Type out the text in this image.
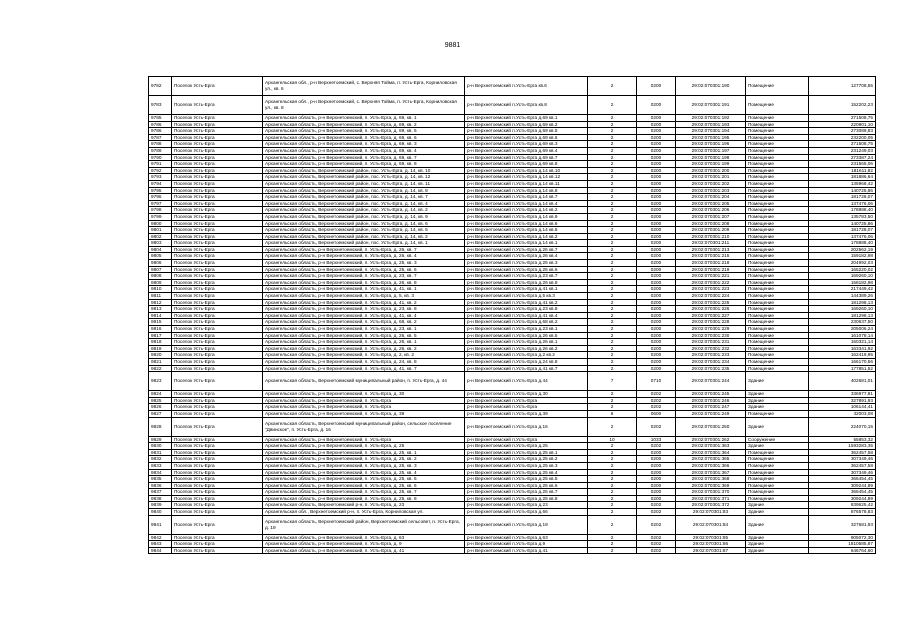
9881
9782	Поселок Усть-Ерга	Архангельская обл., р-н Верхнетоемский, с. Верхняя Тойма, п. Усть-Ерга, Корниловская ул., кв. 6	р-н Верхнетоемский п.Усть-Ерга кв.6	2	0200	29:02:070301:190	Помещение	127708,55
9783	Поселок Усть-Ерга	Архангельская обл., р-н Верхнетоемский, с. Верхняя Тойма, п. Усть-Ерга, Корниловская ул., кв. 8	р-н Верхнетоемский п.Усть-Ерга кв.8	2	0200	29:02:070301:191	Помещение	152202,23
9785	Поселок Усть-Ерга	Архангельская область, р-н Верхнетоемский, п. Усть-Ерга, д. 69, кв. 1	р-н Верхнетоемский п.Усть-Ерга д.69 кв.1	2	0200	29:02:070301:192	Помещение	271508,75
9786	Поселок Усть-Ерга	Архангельская область, р-н Верхнетоемский, п. Усть-Ерга, д. 69, кв. 2	р-н Верхнетоемский п.Усть-Ерга д.69 кв.2	2	0200	29:02:070301:193	Помещение	220901,10
9786	Поселок Усть-Ерга	Архангельская область, р-н Верхнетоемский, п. Усть-Ерга, д. 69, кв. 5	р-н Верхнетоемский п.Усть-Ерга д.69 кв.5	2	0200	29:02:070301:194	Помещение	273089,83
9787	Поселок Усть-Ерга	Архангельская область, р-н Верхнетоемский, п. Усть-Ерга, д. 69, кв. 6	р-н Верхнетоемский п.Усть-Ерга д.69 кв.6	2	0200	29:02:070301:195	Помещение	232200,05
9788	Поселок Усть-Ерга	Архангельская область, р-н Верхнетоемский, п. Усть-Ерга, д. 69, кв. 3	р-н Верхнетоемский п.Усть-Ерга д.69 кв.3	2	0200	29:02:070301:196	Помещение	271508,75
9789	Поселок Усть-Ерга	Архангельская область, р-н Верхнетоемский, п. Усть-Ерга, д. 69, кв. 4	р-н Верхнетоемский п.Усть-Ерга д.69 кв.4	2	0200	29:02:070301:197	Помещение	231249,03
9790	Поселок Усть-Ерга	Архангельская область, р-н Верхнетоемский, п. Усть-Ерга, д. 69, кв. 7	р-н Верхнетоемский п.Усть-Ерга д.69 кв.7	2	0200	29:02:070301:198	Помещение	273387,24
9791	Поселок Усть-Ерга	Архангельская область, р-н Верхнетоемский, п. Усть-Ерга, д. 69, кв. 8	р-н Верхнетоемский п.Усть-Ерга д.69 кв.8	2	0200	29:02:070301:199	Помещение	231565,06
9792	Поселок Усть-Ерга	Архангельская область, Верхнетоемский район, пос. Усть-Ерга, д. 14, кв. 10	р-н Верхнетоемский п.Усть-Ерга д.14 кв.10	2	0200	29:02:070301:200	Помещение	181611,82
9793	Поселок Усть-Ерга	Архангельская область, Верхнетоемский район, пос. Усть-Ерга, д. 14, кв. 12	р-н Верхнетоемский п.Усть-Ерга д.14 кв.12	2	0200	29:02:070301:201	Помещение	181886,64
9794	Поселок Усть-Ерга	Архангельская область, Верхнетоемский район, пос. Усть-Ерга, д. 14, кв. 11	р-н Верхнетоемский п.Усть-Ерга д.14 кв.11	2	0200	29:02:070301:202	Помещение	135968,42
9795	Поселок Усть-Ерга	Архангельская область, Верхнетоемский район, пос. Усть-Ерга, д. 14, кв. 8	р-н Верхнетоемский п.Усть-Ерга д.14 кв.8	2	0200	29:02:070301:203	Помещение	140725,86
9796	Поселок Усть-Ерга	Архангельская область, Верхнетоемский район, пос. Усть-Ерга, д. 14, кв. 7	р-н Верхнетоемский п.Усть-Ерга д.14 кв.7	2	0200	29:02:070301:204	Помещение	181728,07
9797	Поселок Усть-Ерга	Архангельская область, Верхнетоемский район, пос. Усть-Ерга, д. 14, кв. 4	р-н Верхнетоемский п.Усть-Ерга д.14 кв.4	2	0200	29:02:070301:205	Помещение	137476,06
9798	Поселок Усть-Ерга	Архангельская область, Верхнетоемский район, пос. Усть-Ерга, д. 14, кв. 2	р-н Верхнетоемский п.Усть-Ерга д.14 кв.2	2	0200	29:02:070301:206	Помещение	178888,40
9799	Поселок Усть-Ерга	Архангельская область, Верхнетоемский район, пос. Усть-Ерга, д. 14, кв. 9	р-н Верхнетоемский п.Усть-Ерга д.14 кв.9	2	0200	29:02:070301:207	Помещение	135783,50
9800	Поселок Усть-Ерга	Архангельская область, Верхнетоемский район, пос. Усть-Ерга, д. 14, кв. 6	р-н Верхнетоемский п.Усть-Ерга д.14 кв.6	2	0200	29:02:070301:208	Помещение	140725,86
9801	Поселок Усть-Ерга	Архангельская область, Верхнетоемский район, пос. Усть-Ерга, д. 14, кв. 5	р-н Верхнетоемский п.Усть-Ерга д.14 кв.5	2	0200	29:02:070301:209	Помещение	181728,07
9802	Поселок Усть-Ерга	Архангельская область, Верхнетоемский район, пос. Усть-Ерга, д. 14, кв. 2	р-н Верхнетоемский п.Усть-Ерга д.14 кв.2	2	0200	29:02:070301:210	Помещение	137476,06
9803	Поселок Усть-Ерга	Архангельская область, Верхнетоемский район, пос. Усть-Ерга, д. 14, кв. 1	р-н Верхнетоемский п.Усть-Ерга д.14 кв.1	2	0200	29:02:070301:211	Помещение	178888,40
9804	Поселок Усть-Ерга	Архангельская область, р-н Верхнетоемский, п. Усть-Ерга, д. 26, кв. 7	р-н Верхнетоемский п.Усть-Ерга д.26 кв.7	2	0200	29:02:070301:213	Помещение	202562,19
9805	Поселок Усть-Ерга	Архангельская область, р-н Верхнетоемский, п. Усть-Ерга, д. 26, кв. 4	р-н Верхнетоемский п.Усть-Ерга д.26 кв.4	2	0200	29:02:070301:215	Помещение	159182,98
9806	Поселок Усть-Ерга	Архангельская область, р-н Верхнетоемский, п. Усть-Ерга, д. 25, кв. 3	р-н Верхнетоемский п.Усть-Ерга д.25 кв.3	2	0200	29:02:070301:218	Помещение	204992,03
9807	Поселок Усть-Ерга	Архангельская область, р-н Верхнетоемский, п. Усть-Ерга, д. 25, кв. 6	р-н Верхнетоемский п.Усть-Ерга д.25 кв.6	2	0200	29:02:070301:219	Помещение	165220,02
9808	Поселок Усть-Ерга	Архангельская область, р-н Верхнетоемский, п. Усть-Ерга, д. 23, кв. 7	р-н Верхнетоемский п.Усть-Ерга д.23 кв.7	2	0200	29:02:070301:221	Помещение	169260,10
9809	Поселок Усть-Ерга	Архангельская область, р-н Верхнетоемский, п. Усть-Ерга, д. 26, кв. 8	р-н Верхнетоемский п.Усть-Ерга д.26 кв.8	2	0200	29:02:070301:222	Помещение	158182,98
9810	Поселок Усть-Ерга	Архангельская область, р-н Верхнетоемский, п. Усть-Ерга, д. 41, кв. 1	р-н Верхнетоемский п.Усть-Ерга д.41 кв.1	2	0200	29:02:070301:223	Помещение	217449,42
9811	Поселок Усть-Ерга	Архангельская область, р-н Верхнетоемский, п. Усть-Ерга, д. 5, кв. 3	р-н Верхнетоемский п.Усть-Ерга д.5 кв.3	2	0200	29:02:070301:224	Помещение	144389,26
9812	Поселок Усть-Ерга	Архангельская область, р-н Верхнетоемский, п. Усть-Ерга, д. 41, кв. 2	р-н Верхнетоемский п.Усть-Ерга д.41 кв.2	2	0200	29:02:070301:225	Помещение	181298,13
9813	Поселок Усть-Ерга	Архангельская область, р-н Верхнетоемский, п. Усть-Ерга, д. 23, кв. 8	р-н Верхнетоемский п.Усть-Ерга д.23 кв.8	2	0200	29:02:070301:226	Помещение	169260,10
9814	Поселок Усть-Ерга	Архангельская область, р-н Верхнетоемский, п. Усть-Ерга, д. 41, кв. 4	р-н Верхнетоемский п.Усть-Ерга д.41 кв.4	2	0200	29:02:070301:227	Помещение	181298,13
9815	Поселок Усть-Ерга	Архангельская область, р-н Верхнетоемский, п. Усть-Ерга, д. 68, кв. 2	р-н Верхнетоемский п.Усть-Ерга д.68 кв.2	2	0200	29:02:070301:228	Помещение	230637,50
9816	Поселок Усть-Ерга	Архангельская область, р-н Верхнетоемский, п. Усть-Ерга, д. 23, кв. 1	р-н Верхнетоемский п.Усть-Ерга д.23 кв.1	2	0200	29:02:070301:229	Помещение	205006,24
9817	Поселок Усть-Ерга	Архангельская область, р-н Верхнетоемский, п. Усть-Ерга, д. 26, кв. 5	р-н Верхнетоемский п.Усть-Ерга д.26 кв.5	2	0200	29:02:070301:230	Помещение	161078,14
9818	Поселок Усть-Ерга	Архангельская область, р-н Верхнетоемский, п. Усть-Ерга, д. 26, кв. 1	р-н Верхнетоемский п.Усть-Ерга д.26 кв.1	2	0200	29:02:070301:231	Помещение	160321,14
9819	Поселок Усть-Ерга	Архангельская область, р-н Верхнетоемский, п. Усть-Ерга, д. 26, кв. 2	р-н Верхнетоемский п.Усть-Ерга д.26 кв.2	2	0200	29:02:070301:232	Помещение	163341,92
9820	Поселок Усть-Ерга	Архангельская область, р-н Верхнетоемский, п. Усть-Ерга, д. 2, кв. 2	р-н Верхнетоемский п.Усть-Ерга д.2 кв.2	2	0200	29:02:070301:233	Помещение	162419,95
9821	Поселок Усть-Ерга	Архангельская область, р-н Верхнетоемский, п. Усть-Ерга, д. 24, кв. 8	р-н Верхнетоемский п.Усть-Ерга д.24 кв.8	2	0200	29:02:070301:234	Помещение	166170,56
9822	Поселок Усть-Ерга	Архангельская область, р-н Верхнетоемский, п. Усть-Ерга, д. 41, кв. 7	р-н Верхнетоемский п.Усть-Ерга д.41 кв.7	2	0200	29:02:070301:235	Помещение	177851,52
9823	Поселок Усть-Ерга	Архангельская область, Верхнетоемский муниципальный район, п. Усть-Ерга, д. 44	р-н Верхнетоемский п.Усть-Ерга д.44	7	0710	29:02:070301:244	Здание	402681,01
9824	Поселок Усть-Ерга	Архангельская область, р-н Верхнетоемский, п. Усть-Ерга, д. 30	р-н Верхнетоемский п.Усть-Ерга д.30	2	0202	29:02:070301:245	Здание	336977,81
9825	Поселок Усть-Ерга	Архангельская область, р-н Верхнетоемский, п. Усть-Ерга	р-н Верхнетоемский п.Усть-Ерга	2	0202	29:02:070301:246	Здание	327891,93
9826	Поселок Усть-Ерга	Архангельская область, р-н Верхнетоемский, п. Усть-Ерга	р-н Верхнетоемский п.Усть-Ерга	2	0202	29:02:070301:247	Здание	106144,41
9827	Поселок Усть-Ерга	Архангельская область, р-н Верхнетоемский, п. Усть-Ерга, д. 39	р-н Верхнетоемский п.Усть-Ерга д.39	6	0600	29:02:070301:249	Помещение	32003,08
9828	Поселок Усть-Ерга	Архангельская область, Верхнетоемский муниципальный район, сельское поселение "Двинское", п. Усть-Ерга, д. 16	р-н Верхнетоемский п.Усть-Ерга д.16	2	0202	29:02:070301:250	Здание	224070,15
9829	Поселок Усть-Ерга	Архангельская область, р-н Верхнетоемский, п. Усть-Ерга	р-н Верхнетоемский п.Усть-Ерга	10	1033	29:02:070301:262	Сооружение	55853,32
9830	Поселок Усть-Ерга	Архангельская область, р-н Верхнетоемский, п. Усть-Ерга, д. 25	р-н Верхнетоемский п.Усть-Ерга д.25	2	0202	29:02:070301:363	Здание	1593283,35
9831	Поселок Усть-Ерга	Архангельская область, р-н Верхнетоемский, п. Усть-Ерга, д. 25, кв. 1	р-н Верхнетоемский п.Усть-Ерга д.25 кв.1	2	0200	29:02:070301:364	Помещение	362457,58
9832	Поселок Усть-Ерга	Архангельская область, р-н Верхнетоемский, п. Усть-Ерга, д. 25, кв. 2	р-н Верхнетоемский п.Усть-Ерга д.25 кв.2	2	0200	29:02:070301:365	Помещение	307349,46
9833	Поселок Усть-Ерга	Архангельская область, р-н Верхнетоемский, п. Усть-Ерга, д. 25, кв. 3	р-н Верхнетоемский п.Усть-Ерга д.25 кв.3	2	0200	29:02:070301:366	Помещение	362457,58
9834	Поселок Усть-Ерга	Архангельская область, р-н Верхнетоемский, п. Усть-Ерга, д. 25, кв. 4	р-н Верхнетоемский п.Усть-Ерга д.25 кв.4	2	0200	29:02:070301:367	Помещение	307349,46
9835	Поселок Усть-Ерга	Архангельская область, р-н Верхнетоемский, п. Усть-Ерга, д. 25, кв. 5	р-н Верхнетоемский п.Усть-Ерга д.25 кв.5	2	0200	29:02:070301:368	Помещение	366454,45
9836	Поселок Усть-Ерга	Архангельская область, р-н Верхнетоемский, п. Усть-Ерга, д. 25, кв. 6	р-н Верхнетоемский п.Усть-Ерга д.25 кв.6	2	0200	29:02:070301:369	Помещение	309244,89
9837	Поселок Усть-Ерга	Архангельская область, р-н Верхнетоемский, п. Усть-Ерга, д. 25, кв. 7	р-н Верхнетоемский п.Усть-Ерга д.25 кв.7	2	0200	29:02:070301:370	Помещение	366454,45
9838	Поселок Усть-Ерга	Архангельская область, р-н Верхнетоемский, п. Усть-Ерга, д. 25, кв. 8	р-н Верхнетоемский п.Усть-Ерга д.25 кв.8	2	0200	29:02:070301:371	Помещение	309244,89
9839	Поселок Усть-Ерга	Архангельская область, Верхнетоемский р-н, п. Усть-Ерга, д. 23	р-н Верхнетоемский п.Усть-Ерга д.23	2	0202	29:02:070301:372	Здание	839625,42
9840	Поселок Усть-Ерга	Архангельская обл., Верхнетоемский р-н, п. Усть-Ерга, Корниловская ул.	р-н Верхнетоемский п.Усть-Ерга д.66	2	0202	29:02:070301:83	Здание	876578,83
9841	Поселок Усть-Ерга	Архангельская область, Верхнетоемский район, Верхнетоемский сельсовет, п. Усть-Ерга, д. 19	р-н Верхнетоемский п.Усть-Ерга д.19	2	0202	29:02:070301:84	Здание	327681,93
9842	Поселок Усть-Ерга	Архангельская область, р-н Верхнетоемский, п. Усть-Ерга, д. 63	р-н Верхнетоемский п.Усть-Ерга д.63	2	0202	29:02:070301:85	Здание	905072,30
9843	Поселок Усть-Ерга	Архангельская область, р-н Верхнетоемский, п. Усть-Ерга, д. 9	р-н Верхнетоемский п.Усть-Ерга д.9	2	0202	29:02:070301:86	Здание	1810585,87
9844	Поселок Усть-Ерга	Архангельская область, р-н Верхнетоемский, п. Усть-Ерга, д. 41	р-н Верхнетоемский п.Усть-Ерга д.41	2	0202	29:02:070301:87	Здание	646764,60
